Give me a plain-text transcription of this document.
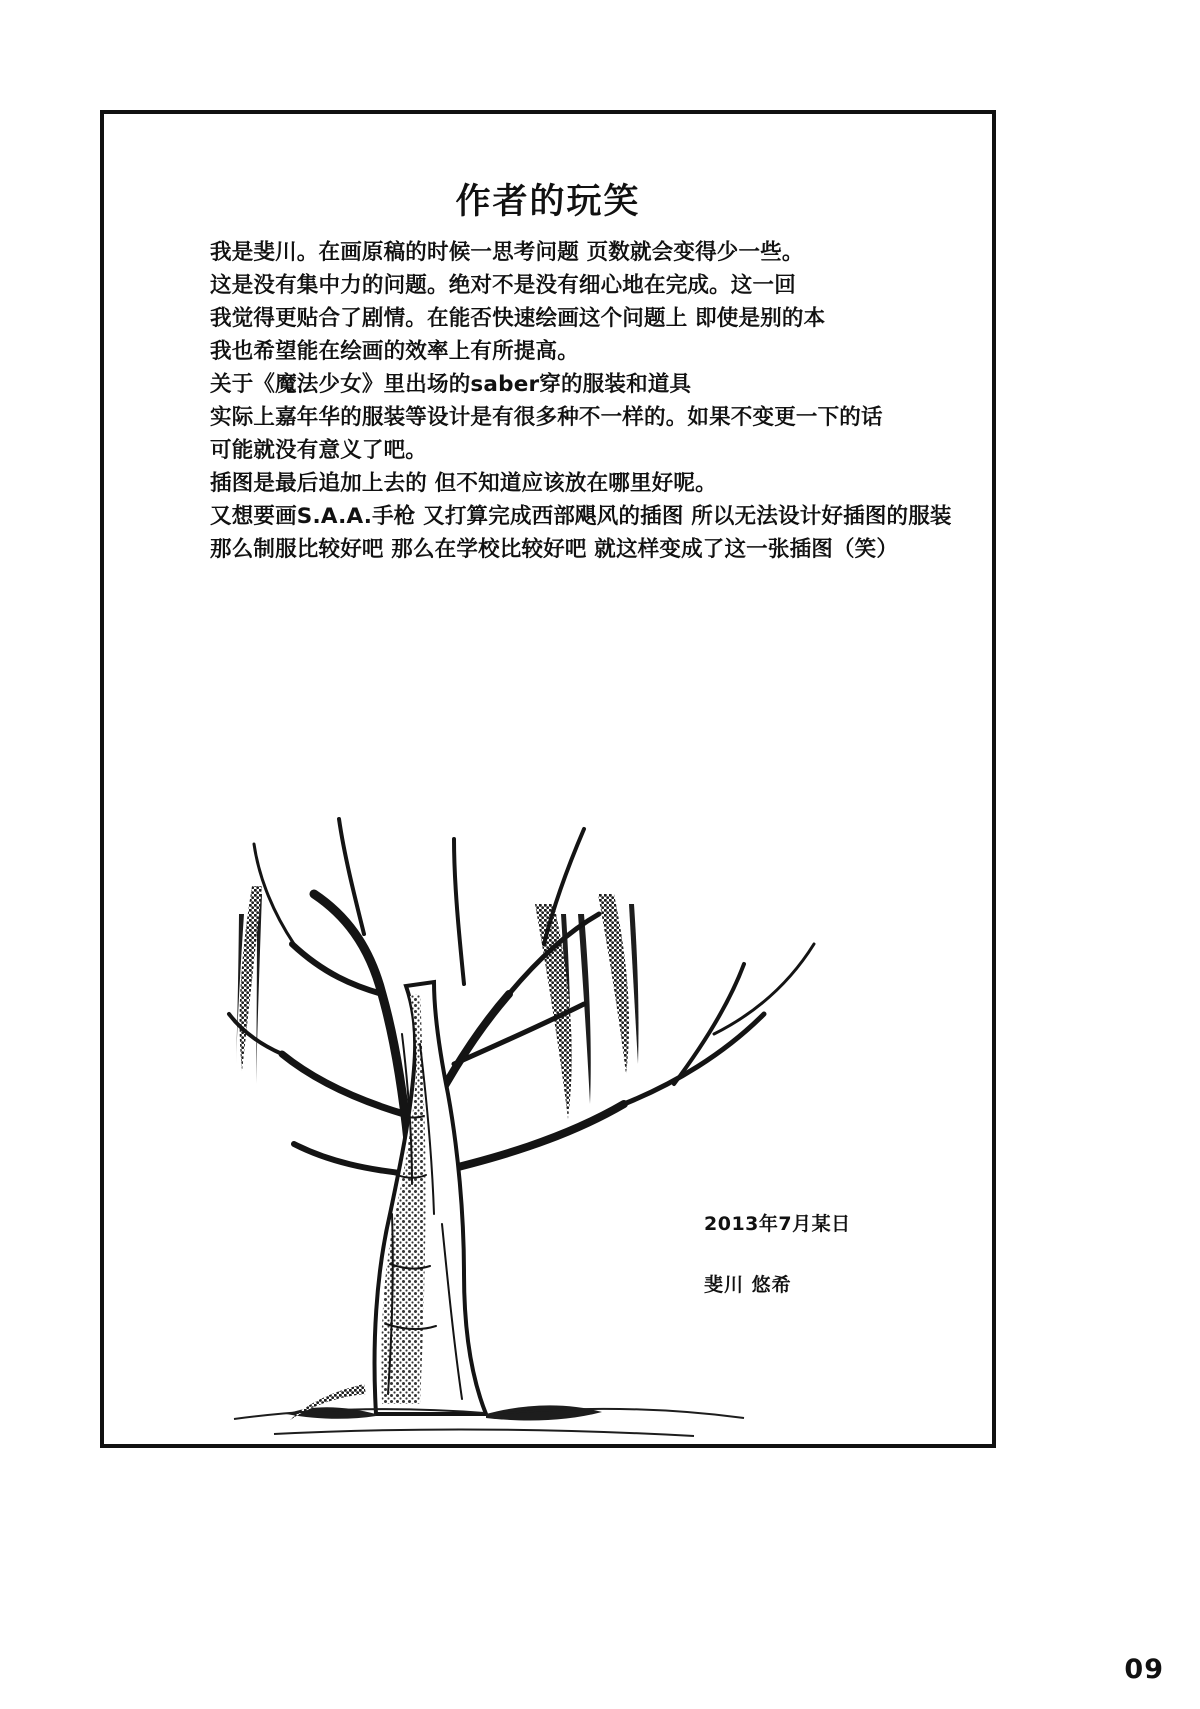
作者的玩笑

我是斐川。在画原稿的时候一思考问题 页数就会变得少一些。

这是没有集中力的问题。绝对不是没有细心地在完成。这一回

我觉得更贴合了剧情。在能否快速绘画这个问题上 即使是别的本

我也希望能在绘画的效率上有所提高。

关于《魔法少女》里出场的saber穿的服装和道具

实际上嘉年华的服装等设计是有很多种不一样的。如果不变更一下的话

可能就没有意义了吧。

插图是最后追加上去的 但不知道应该放在哪里好呢。

又想要画S.A.A.手枪 又打算完成西部飓风的插图 所以无法设计好插图的服装

那么制服比较好吧 那么在学校比较好吧 就这样变成了这一张插图（笑）

2013年7月某日
斐川 悠希
09
